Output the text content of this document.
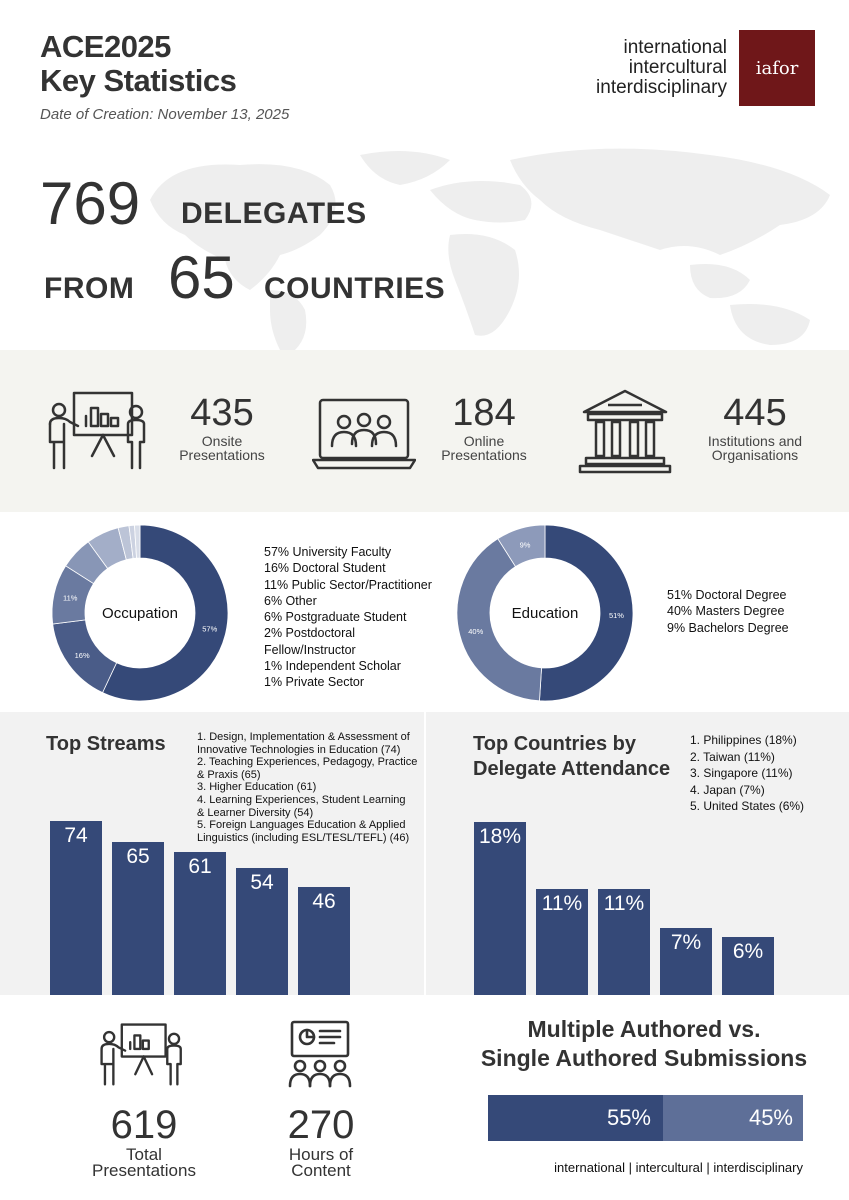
ACE2025
Key Statistics
Date of Creation: November 13, 2025
international
intercultural
interdisciplinary
iafor
769 DELEGATES
FROM 65 COUNTRIES
435
Onsite
Presentations
184
Online
Presentations
445
Institutions and
Organisations
Occupation
57%
16%
11%
57% University Faculty
16% Doctoral Student
11% Public Sector/Practitioner
6% Other
6% Postgraduate Student
2% Postdoctoral
Fellow/Instructor
1% Independent Scholar
1% Private Sector
Education	51%
40%
9%
51% Doctoral Degree
40% Masters Degree
9% Bachelors Degree
Top Streams	1. Design, Implementation & Assessment of
Innovative Technologies in Education (74)
2. Teaching Experiences, Pedagogy, Practice
& Praxis (65)
3. Higher Education (61)
4. Learning Experiences, Student Learning
& Learner Diversity (54)
5. Foreign Languages Education & Applied
Linguistics (including ESL/TESL/TEFL) (46)
74
65	61
54
46
Top Countries by
Delegate Attendance
1. Philippines (18%)
2. Taiwan (11%)
3. Singapore (11%)
4. Japan (7%)
5. United States (6%)
18%
11% 11%
7%	6%
619
Total
Presentations
270
Hours of
Content
Multiple Authored vs.
Single Authored Submissions
55%	45%
international | intercultural | interdisciplinary
